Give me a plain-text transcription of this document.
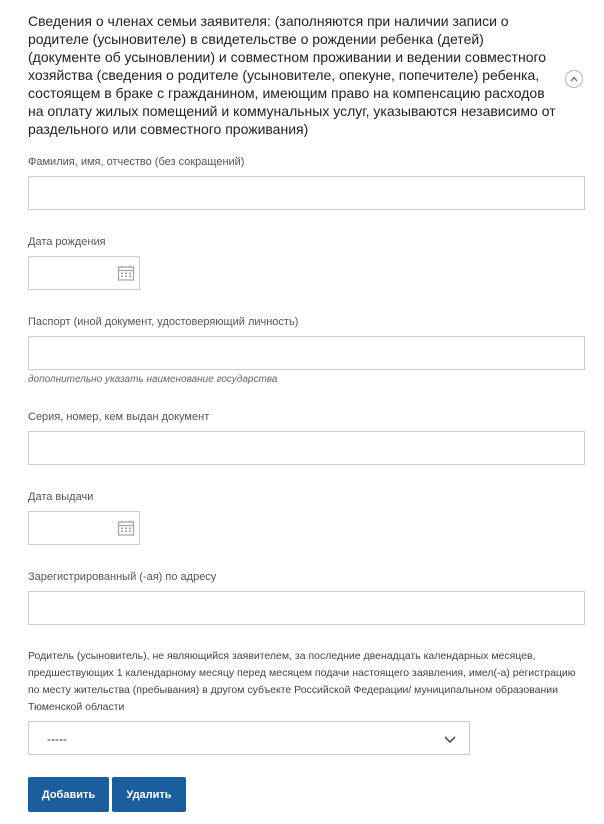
Сведения о членах семьи заявителя: (заполняются при наличии записи о родителе (усыновителе) в свидетельстве о рождении ребенка (детей) (документе об усыновлении) и совместном проживании и ведении совместного хозяйства (сведения о родителе (усыновителе, опекуне, попечителе) ребенка, состоящем в браке с гражданином, имеющим право на компенсацию расходов на оплату жилых помещений и коммунальных услуг, указываются независимо от раздельного или совместного проживания)
Фамилия, имя, отчество (без сокращений)
Дата рождения
Паспорт (иной документ, удостоверяющий личность)
дополнительно указать наименование государства
Серия, номер, кем выдан документ
Дата выдачи
Зарегистрированный (-ая) по адресу
Родитель (усыновитель), не являющийся заявителем, за последние двенадцать календарных месяцев, предшествующих 1 календарному месяцу перед месяцем подачи настоящего заявления, имел(-а) регистрацию по месту жительства (пребывания) в другом субъекте Российской Федерации/ муниципальном образовании Тюменской области
-----
Добавить	Удалить
